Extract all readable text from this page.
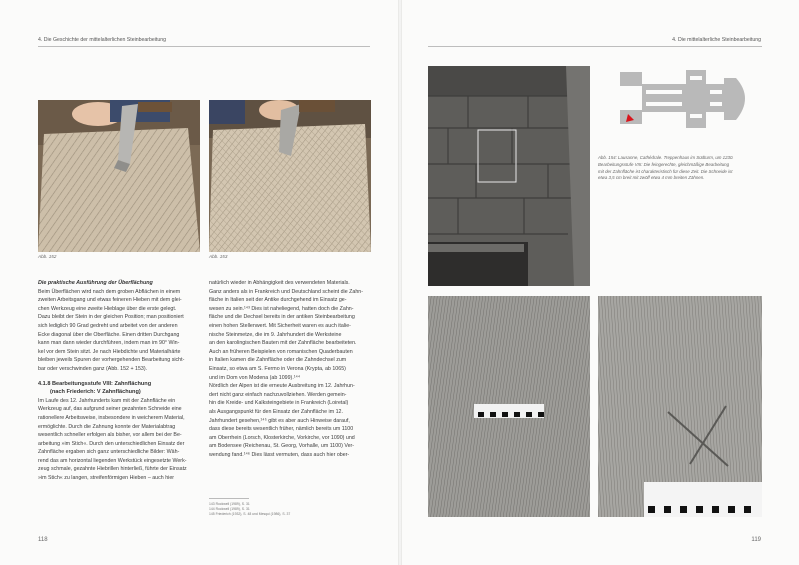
4. Die Geschichte der mittelalterlichen Steinbearbeitung
Abb. 152	Abb. 153
Die praktische Ausführung der Überflächung

Beim Überflächen wird nach dem groben Abflächen in einem

zweiten Arbeitsgang und etwas feineren Hieben mit dem glei-

chen Werkzeug eine zweite Hieblage über die erste gelegt.

Dazu bleibt der Stein in der gleichen Position; man positioniert

sich lediglich 90 Grad gedreht und arbeitet von der anderen

Ecke diagonal über die Oberfläche. Einen dritten Durchgang

kann man dann wieder durchführen, indem man im 90° Win-

kel vor dem Stein sitzt. Je nach Hiebdichte und Materialhärte

bleiben jeweils Spuren der vorhergehenden Bearbeitung sicht-

bar oder verschwinden ganz (Abb. 152 + 153).

4.1.8 Bearbeitungsstufe VIII: Zahnflächung
(nach Friederich: V Zahnflächung)

Im Laufe des 12. Jahrhunderts kam mit der Zahnfläche ein

Werkzeug auf, das aufgrund seiner gezahnten Schneide eine

rationellere Arbeitsweise, insbesondere in weicherem Material,

ermöglichte. Durch die Zahnung konnte der Materialabtrag

wesentlich schneller erfolgen als bisher, vor allem bei der Be-

arbeitung »im Stich«. Durch den unterschiedlichen Einsatz der

Zahnfläche ergaben sich ganz unterschiedliche Bilder: Wäh-

rend das am horizontal liegenden Werkstück eingesetzte Werk-

zeug schmale, gezahnte Hiebrillen hinterließ, führte der Einsatz

»im Stich« zu langen, streifenförmigen Hieben – auch hier

natürlich wieder in Abhängigkeit des verwendeten Materials.

Ganz anders als in Frankreich und Deutschland scheint die Zahn-

fläche in Italien seit der Antike durchgehend im Einsatz ge-

wesen zu sein.¹⁴³ Dies ist naheliegend, hatten doch die Zahn-

fläche und die Dechsel bereits in der antiken Steinbearbeitung

einen hohen Stellenwert. Mit Sicherheit waren es auch italie-

nische Steinmetze, die im 9. Jahrhundert die Werksteine

an den karolingischen Bauten mit der Zahnfläche bearbeiteten.

Auch an früheren Beispielen von romanischen Quaderbauten

in Italien kamen die Zahnfläche oder die Zahndechsel zum

Einsatz, so etwa am S. Fermo in Verona (Krypta, ab 1065)

und im Dom von Modena (ab 1099).¹⁴⁴

Nördlich der Alpen ist die erneute Ausbreitung im 12. Jahrhun-

dert nicht ganz einfach nachzuvollziehen. Werden gemein-

hin die Kreide- und Kalksteingebiete in Frankreich (Loiretal)

als Ausgangspunkt für den Einsatz der Zahnfläche im 12.

Jahrhundert gesehen,¹⁴⁵ gibt es aber auch Hinweise darauf,

dass diese bereits wesentlich früher, nämlich bereits um 1100

am Oberrhein (Lorsch, Klosterkirche, Vorkirche, vor 1090) und

am Bodensee (Reichenau, St. Georg, Vorhalle, um 1100) Ver-

wendung fand.¹⁴⁶ Dies lässt vermuten, dass auch hier ober-

143 Rockwell (1989), S. 31

144 Rockwell (1989), S. 31

145 Friederich (1932), S. 48 und Mesqui (1986), S. 37

118
4. Die mittelalterliche Steinbearbeitung

Abb. 154: Lausanne, Cathédrale. Treppenhaus im Südturm, um 1230.

Bearbeitungsstufe VIII: Die feingerechte, gleichmäßige Bearbeitung

mit der Zahnfläche ist charakteristisch für diese Zeit. Die Schneide ist

etwa 3,5 cm breit mit zwölf etwa 4 mm breiten Zähnen.

119
